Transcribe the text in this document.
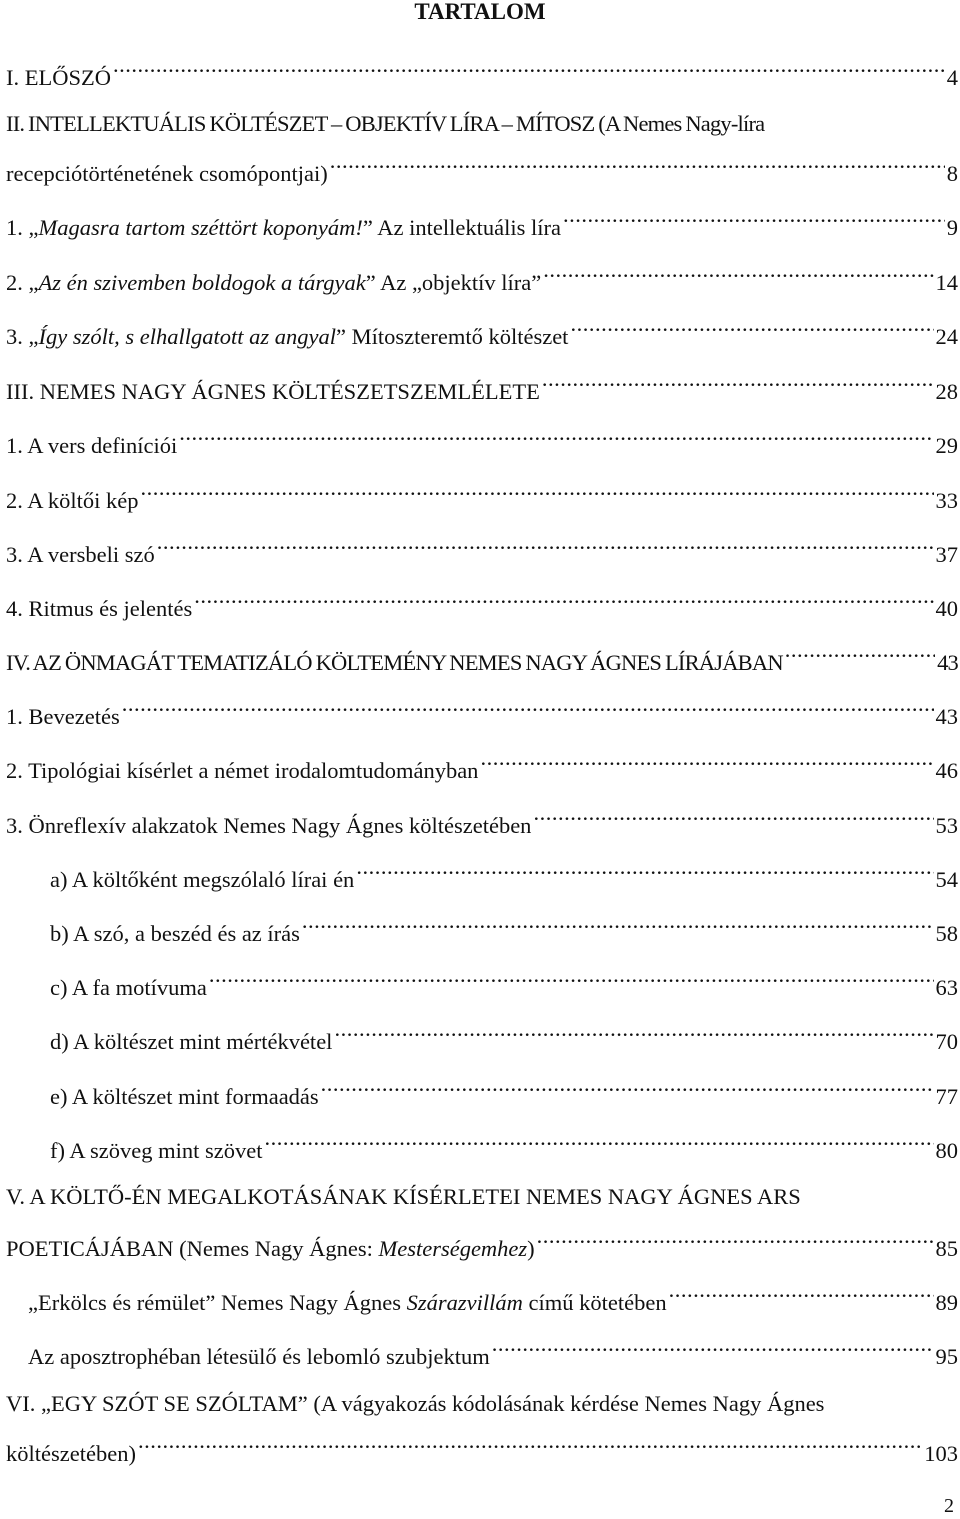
TARTALOM
I. ELŐSZÓ .....	4
II. INTELLEKTUÁLIS KÖLTÉSZET – OBJEKTÍV LÍRA – MÍTOSZ (A Nemes Nagy-líra
recepciótörténetének csomópontjai) .....	8
1. „Magasra tartom széttört koponyám!” Az intellektuális líra .....	9
2. „Az én szivemben boldogok a tárgyak” Az „objektív líra” .....	14
3. „Így szólt, s elhallgatott az angyal” Mítoszteremtő költészet .....	24
III. NEMES NAGY ÁGNES KÖLTÉSZETSZEMLÉLETE .....	28
1. A vers definíciói .....	29
2. A költői kép .....	33
3. A versbeli szó .....	37
4. Ritmus és jelentés .....	40
IV. AZ ÖNMAGÁT TEMATIZÁLÓ KÖLTEMÉNY NEMES NAGY ÁGNES LÍRÁJÁBAN .....	43
1. Bevezetés .....	43
2. Tipológiai kísérlet a német irodalomtudományban .....	46
3. Önreflexív alakzatok Nemes Nagy Ágnes költészetében .....	53
a) A költőként megszólaló lírai én .....	54
b) A szó, a beszéd és az írás .....	58
c) A fa motívuma .....	63
d) A költészet mint mértékvétel .....	70
e) A költészet mint formaadás .....	77
f) A szöveg mint szövet .....	80
V. A KÖLTŐ-ÉN MEGALKOTÁSÁNAK KÍSÉRLETEI NEMES NAGY ÁGNES ARS
POETICÁJÁBAN (Nemes Nagy Ágnes: Mesterségemhez) .....	85
„Erkölcs és rémület” Nemes Nagy Ágnes Szárazvillám című kötetében .....	89
Az aposztrophéban létesülő és lebomló szubjektum .....	95
VI. „EGY SZÓT SE SZÓLTAM” (A vágyakozás kódolásának kérdése Nemes Nagy Ágnes
költészetében) .....	103
2
